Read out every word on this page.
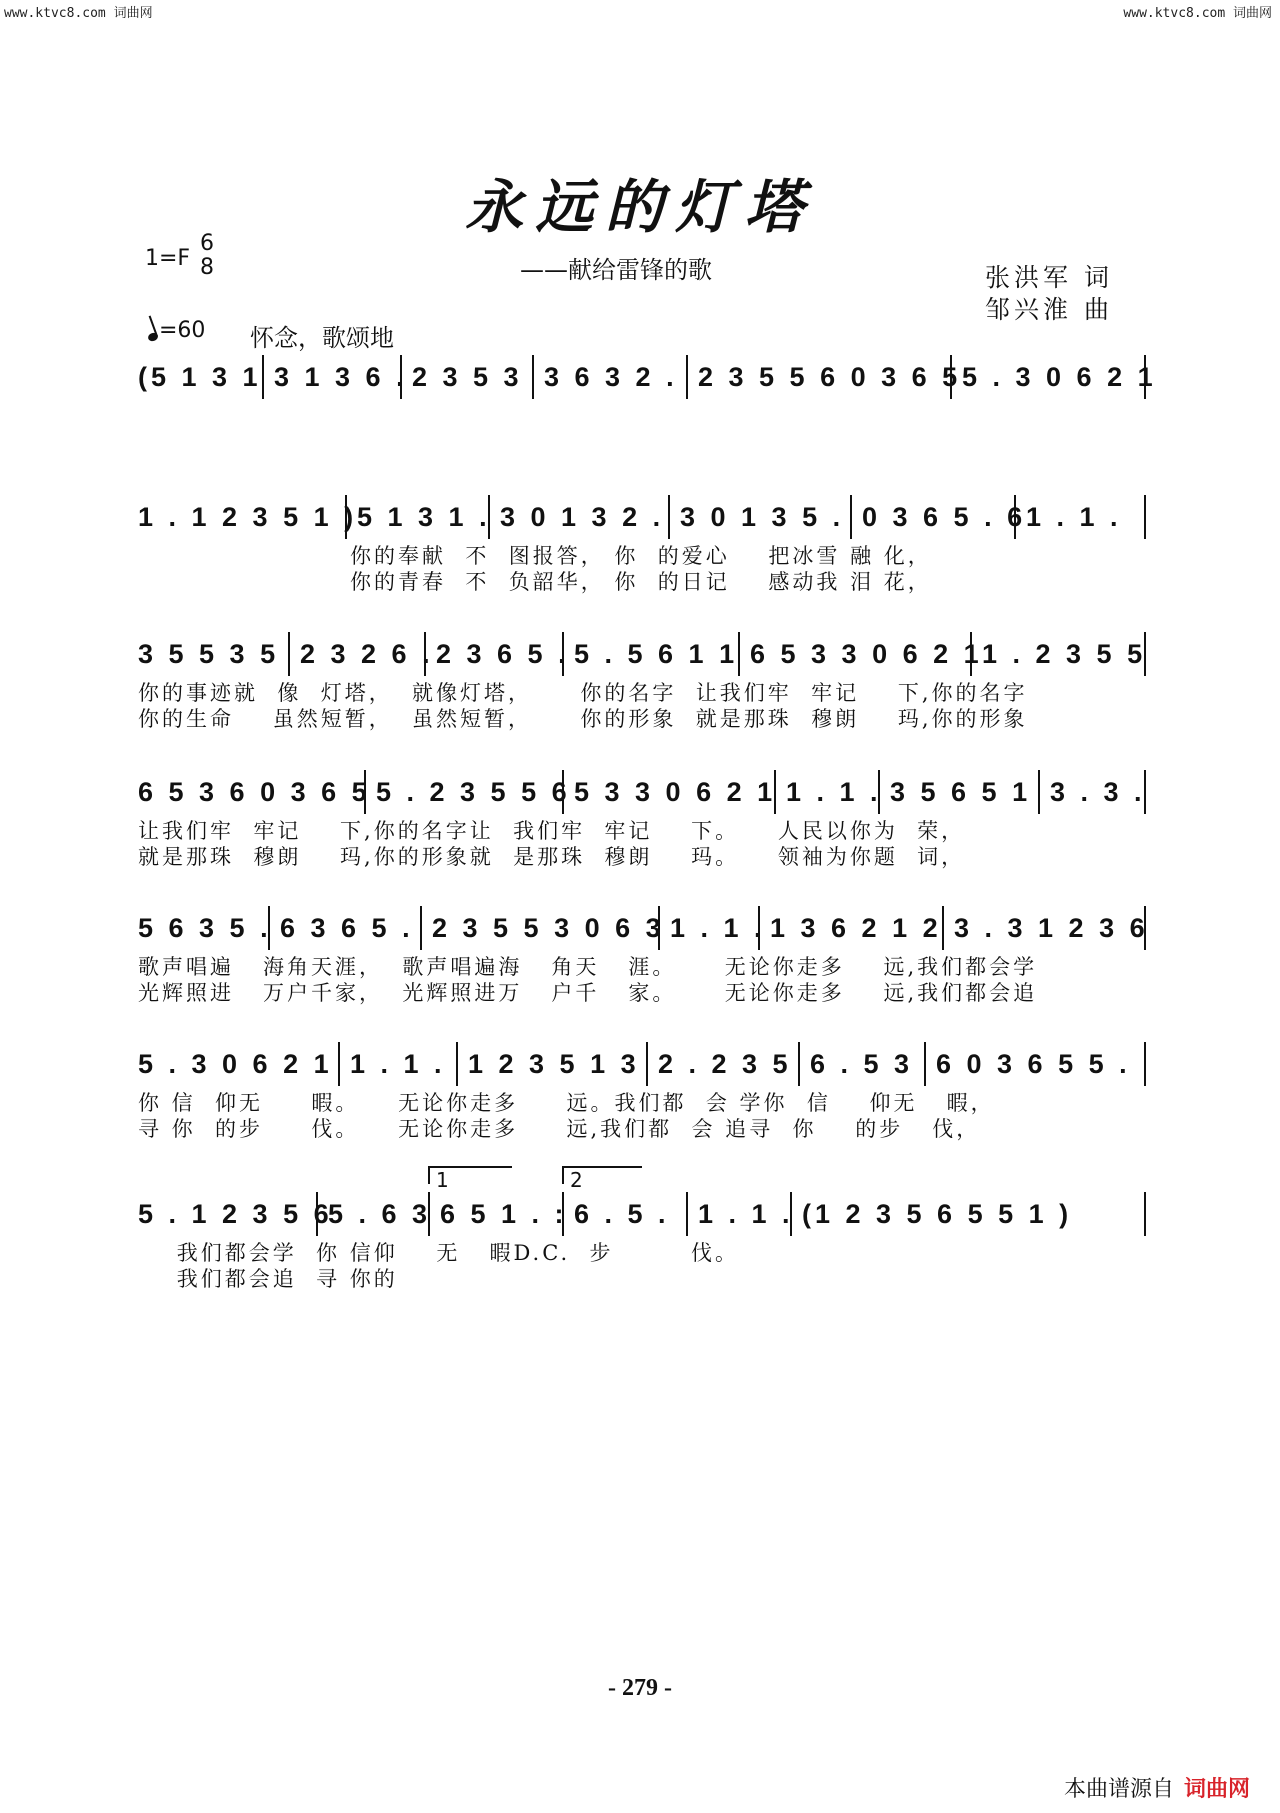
www.ktvc8.com 词曲网	www.ktvc8.com 词曲网
永远的灯塔
——献给雷锋的歌
1=F
6
8	张洪军 词
邹兴淮 曲
=60 怀念，歌颂地
(5 1 3 1 3 1 3 6 . 2 3 5 3 3 6 3 2 . 2 3 5 5 6 0 3 6 5 5 . 3 0 6 2 1
1 . 1 2 3 5 1 ) 5 1 3 1 . 3 0 1 3 2 . 3 0 1 3 5 . 0 3 6 5 . 6 1 . 1 .
你的奉献  不  图报答， 你  的爱心    把冰雪 融 化，
你的青春  不  负韶华， 你  的日记    感动我 泪 花，
3 5 5 3 5 2 3 2 6 . 2 3 6 5 . 5 . 5 6 1 1 6 5 3 3 0 6 2 1 1 . 2 3 5 5
你的事迹就  像  灯塔，  就像灯塔，     你的名字  让我们牢  牢记    下,你的名字
你的生命    虽然短暂，  虽然短暂，     你的形象  就是那珠  穆朗    玛,你的形象
6 5 3 6 0 3 6 5 5 . 2 3 5 5 6 5 3 3 0 6 2 1 1 . 1 . 3 5 6 5 1 3 . 3 .
让我们牢  牢记    下,你的名字让  我们牢  牢记    下。    人民以你为  荣，
就是那珠  穆朗    玛,你的形象就  是那珠  穆朗    玛。    领袖为你题  词，
5 6 3 5 . 6 3 6 5 . 2 3 5 5 3 0 6 3 1 . 1 . 1 3 6 2 1 2 3 . 3 1 2 3 6
歌声唱遍   海角天涯，  歌声唱遍海   角天   涯。     无论你走多    远,我们都会学
光辉照进   万户千家，  光辉照进万   户千   家。     无论你走多    远,我们都会追
5 . 3 0 6 2 1 1 . 1 . 1 2 3 5 1 3 2 . 2 3 5 6 . 5 3 6 0 3 6 5 5 .
你 信  仰无     暇。    无论你走多     远。我们都  会 学你  信    仰无   暇，
寻 你  的步     伐。    无论你走多     远,我们都  会 追寻  你    的步   伐，
1	2
5 . 1 2 3 5 6
5 . 6 3 6 5 1 . : 6 . 5 .	1 . 1 . (1 2 3 5 6 5 5 1 )
我们都会学  你 信仰    无   暇D.C.  步        伐。
我们都会追  寻 你的
- 279 -
本曲谱源自 词曲网
